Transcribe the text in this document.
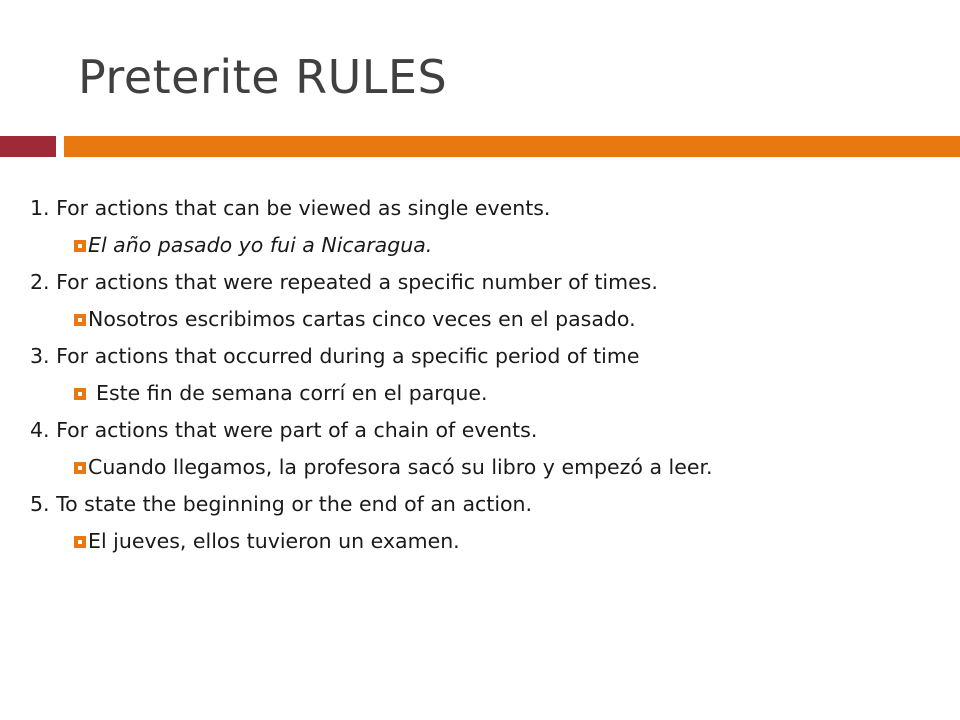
Preterite RULES
1. For actions that can be viewed as single events.
El año pasado yo fui a Nicaragua.
2. For actions that were repeated a specific number of times.
Nosotros escribimos cartas cinco veces en el pasado.
3. For actions that occurred during a specific period of time
Este fin de semana corrí en el parque.
4. For actions that were part of a chain of events.
Cuando llegamos, la profesora sacó su libro y empezó a leer.
5. To state the beginning or the end of an action.
El jueves, ellos tuvieron un examen.
